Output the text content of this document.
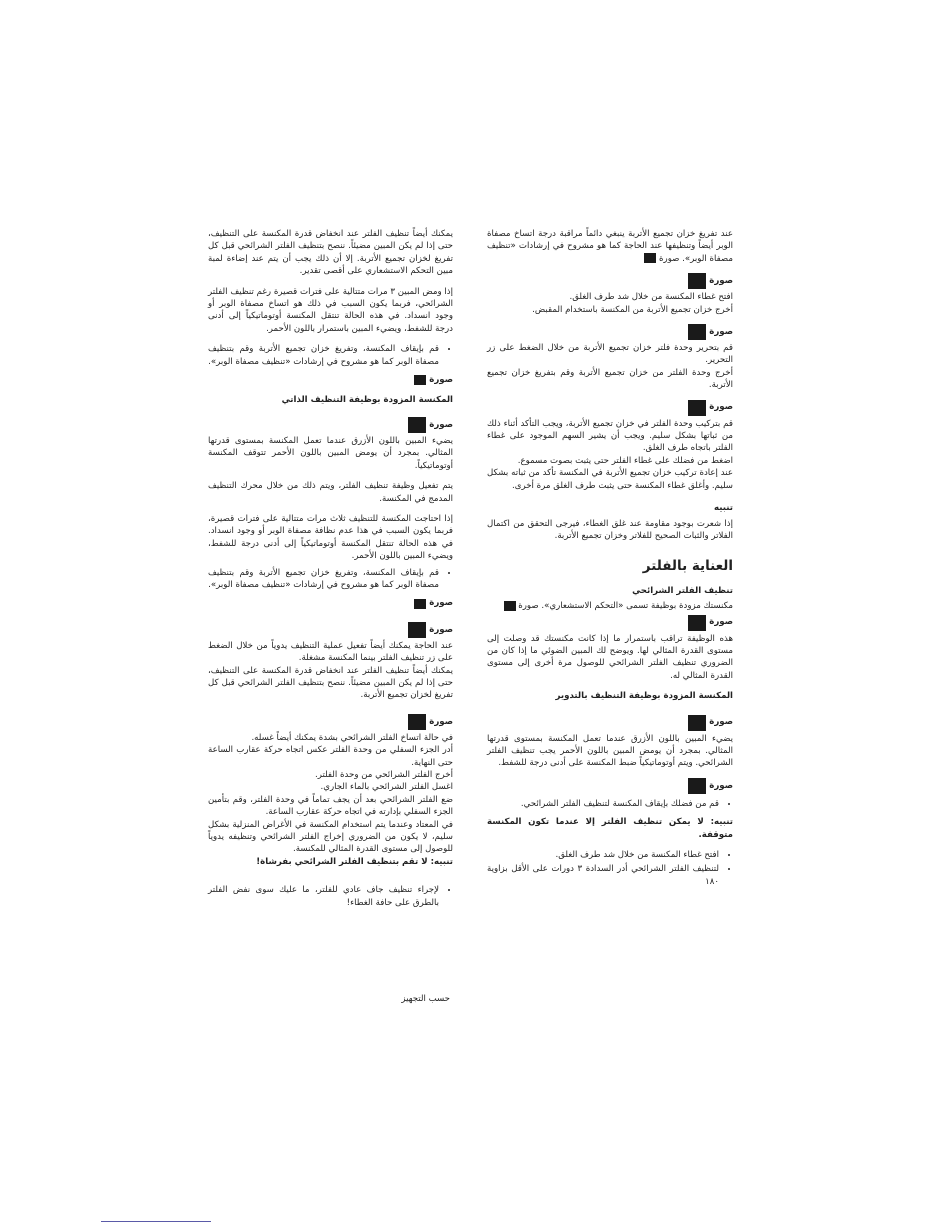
عند تفريغ خزان تجميع الأتربة ينبغي دائماً مراقبة درجة اتساخ مصفاة الوبر أيضاً وتنظيفها عند الحاجة كما هو مشروح في إرشادات «تنظيف مصفاة الوبر». صورة

صورة

افتح غطاء المكنسة من خلال شد طرف الغلق.

أخرج خزان تجميع الأتربة من المكنسة باستخدام المقبض.

صورة

قم بتحرير وحدة فلتر خزان تجميع الأتربة من خلال الضغط على زر التحرير.

أخرج وحدة الفلتر من خزان تجميع الأتربة وقم بتفريغ خزان تجميع الأتربة.

صورة

قم بتركيب وحدة الفلتر في خزان تجميع الأتربة، ويجب التأكد أثناء ذلك من ثباتها بشكل سليم. ويجب أن يشير السهم الموجود على غطاء الفلتر باتجاه طرف الغلق.

اضغط من فضلك على غطاء الفلتر حتى يثبت بصوت مسموع.

عند إعادة تركيب خزان تجميع الأتربة في المكنسة تأكد من ثباته بشكل سليم. وأغلق غطاء المكنسة حتى يثبت طرف الغلق مرة أخرى.

تنبيه

إذا شعرت بوجود مقاومة عند غلق الغطاء، فيرجى التحقق من اكتمال الفلاتر والثبات الصحيح للفلاتر وخزان تجميع الأتربة.

العناية بالفلتر
تنظيف الفلتر الشرائحي

مكنستك مزودة بوظيفة تسمى «التحكم الاستشعاري». صورة

صورة

هذه الوظيفة تراقب باستمرار ما إذا كانت مكنستك قد وصلت إلى مستوى القدرة المثالي لها. ويوضح لك المبين الضوئي ما إذا كان من الضروري تنظيف الفلتر الشرائحي للوصول مرة أخرى إلى مستوى القدرة المثالي له.

المكنسة المزودة بوظيفة التنظيف بالتدوير
صورة

يضيء المبين باللون الأزرق عندما تعمل المكنسة بمستوى قدرتها المثالي. بمجرد أن يومض المبين باللون الأحمر يجب تنظيف الفلتر الشرائحي. ويتم أوتوماتيكياً ضبط المكنسة على أدنى درجة للشفط.

صورة
• قم من فضلك بإيقاف المكنسة لتنظيف الفلتر الشرائحي.

تنبيه: لا يمكن تنظيف الفلتر إلا عندما تكون المكنسة متوقفة.

• افتح غطاء المكنسة من خلال شد طرف الغلق.
• لتنظيف الفلتر الشرائحي أدر السدادة ٣ دورات على الأقل بزاوية ١٨٠

يمكنك أيضاً تنظيف الفلتر عند انخفاض قدرة المكنسة على التنظيف، حتى إذا لم يكن المبين مضيئاً. ننصح بتنظيف الفلتر الشرائحي قبل كل تفريغ لخزان تجميع الأتربة. إلا أن ذلك يجب أن يتم عند إضاءة لمبة مبين التحكم الاستشعاري على أقصى تقدير.

إذا ومض المبين ٣ مرات متتالية على فترات قصيرة رغم تنظيف الفلتر الشرائحي، فربما يكون السبب في ذلك هو اتساخ مصفاة الوبر أو وجود انسداد. في هذه الحالة تنتقل المكنسة أوتوماتيكياً إلى أدنى درجة للشفط، ويضيء المبين باستمرار باللون الأحمر.

• قم بإيقاف المكنسة، وتفريغ خزان تجميع الأتربة وقم بتنظيف مصفاة الوبر كما هو مشروح في إرشادات «تنظيف مصفاة الوبر».
صورة
المكنسة المزودة بوظيفة التنظيف الذاتي
صورة

يضيء المبين باللون الأزرق عندما تعمل المكنسة بمستوى قدرتها المثالي. بمجرد أن يومض المبين باللون الأحمر تتوقف المكنسة أوتوماتيكياً.

يتم تفعيل وظيفة تنظيف الفلتر، ويتم ذلك من خلال محرك التنظيف المدمج في المكنسة.

إذا احتاجت المكنسة للتنظيف ثلاث مرات متتالية على فترات قصيرة، فربما يكون السبب في هذا عدم نظافة مصفاة الوبر أو وجود انسداد. في هذه الحالة تنتقل المكنسة أوتوماتيكياً إلى أدنى درجة للشفط، ويضيء المبين باللون الأحمر.

• قم بإيقاف المكنسة، وتفريغ خزان تجميع الأتربة وقم بتنظيف مصفاة الوبر كما هو مشروح في إرشادات «تنظيف مصفاة الوبر».
صورة
صورة

عند الحاجة يمكنك أيضاً تفعيل عملية التنظيف يدوياً من خلال الضغط على زر تنظيف الفلتر بينما المكنسة مشغلة.

يمكنك أيضاً تنظيف الفلتر عند انخفاض قدرة المكنسة على التنظيف، حتى إذا لم يكن المبين مضيئاً. ننصح بتنظيف الفلتر الشرائحي قبل كل تفريغ لخزان تجميع الأتربة.

صورة

في حالة اتساخ الفلتر الشرائحي بشدة يمكنك أيضاً غسله.

أدر الجزء السفلي من وحدة الفلتر عكس اتجاه حركة عقارب الساعة حتى النهاية.

أخرج الفلتر الشرائحي من وحدة الفلتر.

اغسل الفلتر الشرائحي بالماء الجاري.

ضع الفلتر الشرائحي بعد أن يجف تماماً في وحدة الفلتر، وقم بتأمين الجزء السفلي بإدارته في اتجاه حركة عقارب الساعة.

في المعتاد وعندما يتم استخدام المكنسة في الأغراض المنزلية بشكل سليم، لا يكون من الضروري إخراج الفلتر الشرائحي وتنظيفه يدوياً للوصول إلى مستوى القدرة المثالي للمكنسة.

تنبيه: لا تقم بتنظيف الفلتر الشرائحي بفرشاة!

• لإجراء تنظيف جاف عادي للفلتر، ما عليك سوى نفض الفلتر بالطرق على حافة الغطاء!
حسب التجهيز
